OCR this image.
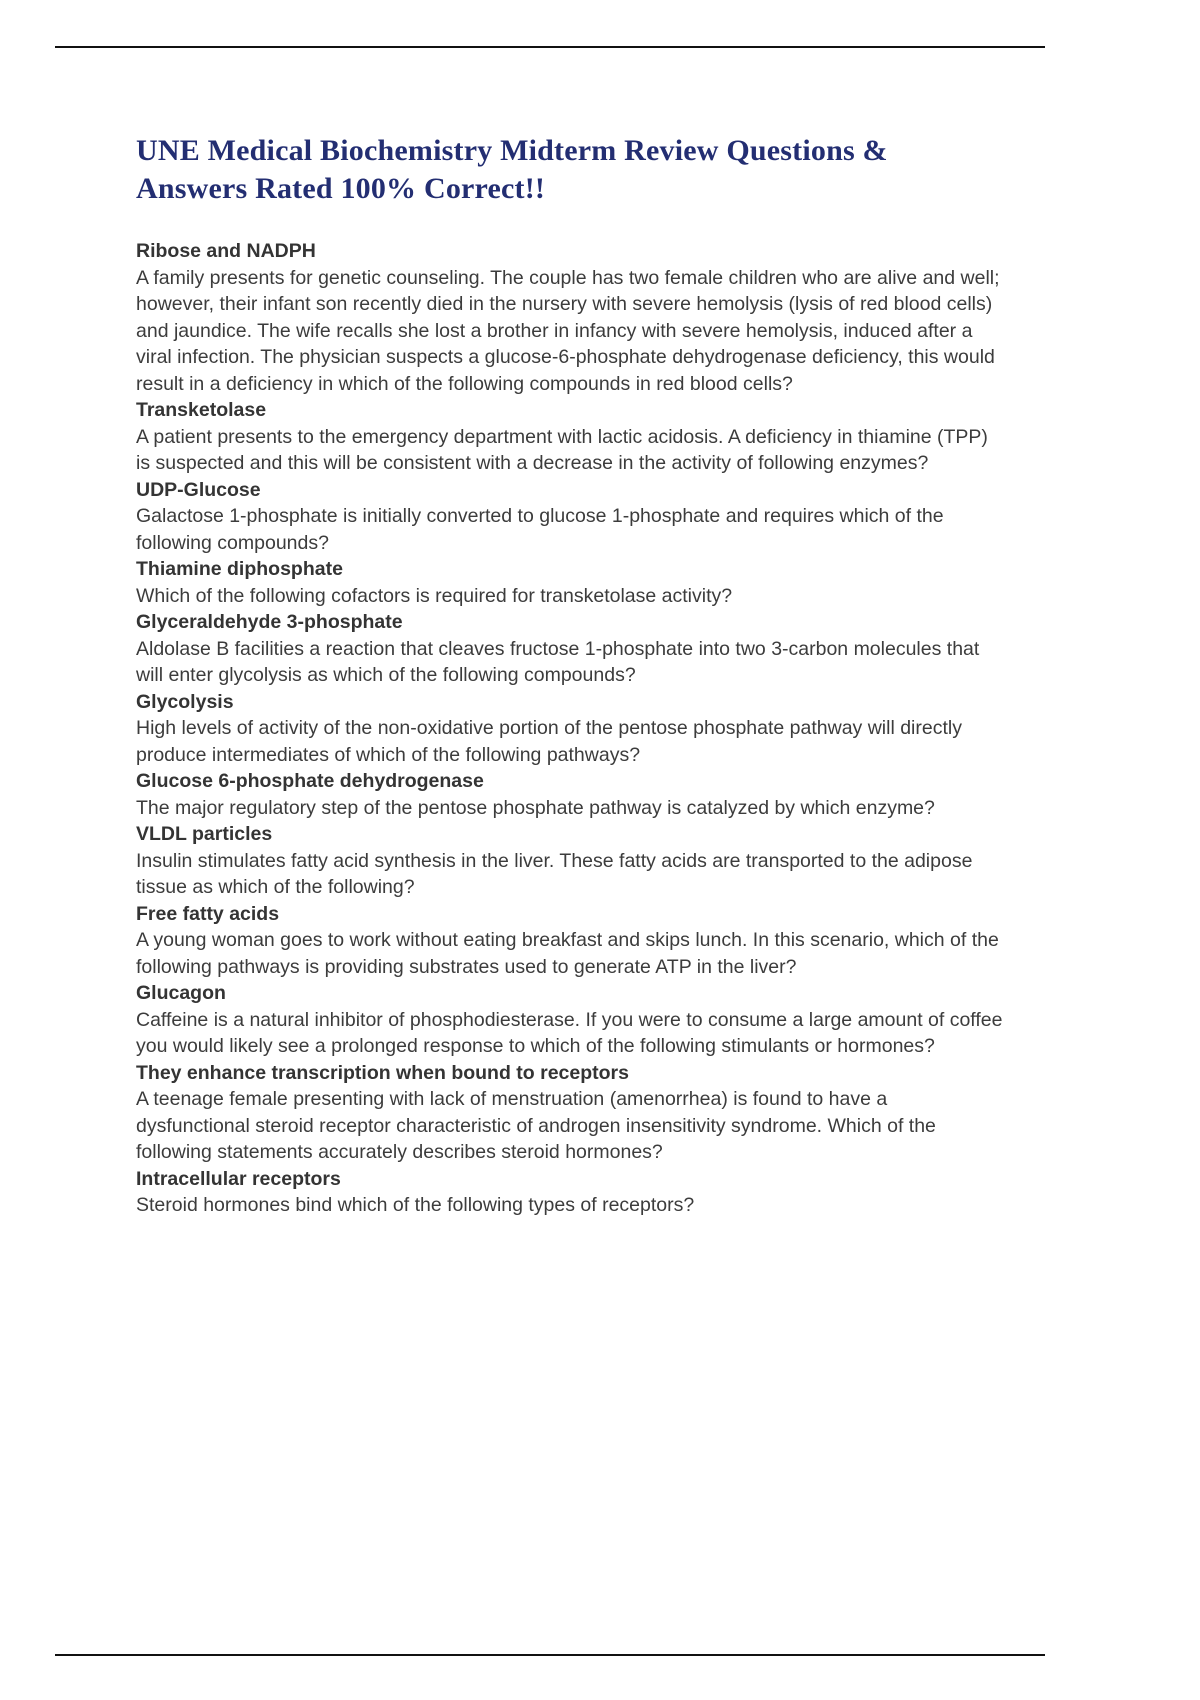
UNE Medical Biochemistry Midterm Review Questions & Answers Rated 100% Correct!!
Ribose and NADPH
A family presents for genetic counseling. The couple has two female children who are alive and well; however, their infant son recently died in the nursery with severe hemolysis (lysis of red blood cells) and jaundice. The wife recalls she lost a brother in infancy with severe hemolysis, induced after a viral infection. The physician suspects a glucose-6-phosphate dehydrogenase deficiency, this would result in a deficiency in which of the following compounds in red blood cells?
Transketolase
A patient presents to the emergency department with lactic acidosis. A deficiency in thiamine (TPP) is suspected and this will be consistent with a decrease in the activity of following enzymes?
UDP-Glucose
Galactose 1-phosphate is initially converted to glucose 1-phosphate and requires which of the following compounds?
Thiamine diphosphate
Which of the following cofactors is required for transketolase activity?
Glyceraldehyde 3-phosphate
Aldolase B facilities a reaction that cleaves fructose 1-phosphate into two 3-carbon molecules that will enter glycolysis as which of the following compounds?
Glycolysis
High levels of activity of the non-oxidative portion of the pentose phosphate pathway will directly produce intermediates of which of the following pathways?
Glucose 6-phosphate dehydrogenase
The major regulatory step of the pentose phosphate pathway is catalyzed by which enzyme?
VLDL particles
Insulin stimulates fatty acid synthesis in the liver. These fatty acids are transported to the adipose tissue as which of the following?
Free fatty acids
A young woman goes to work without eating breakfast and skips lunch. In this scenario, which of the following pathways is providing substrates used to generate ATP in the liver?
Glucagon
Caffeine is a natural inhibitor of phosphodiesterase. If you were to consume a large amount of coffee you would likely see a prolonged response to which of the following stimulants or hormones?
They enhance transcription when bound to receptors
A teenage female presenting with lack of menstruation (amenorrhea) is found to have a dysfunctional steroid receptor characteristic of androgen insensitivity syndrome. Which of the following statements accurately describes steroid hormones?
Intracellular receptors
Steroid hormones bind which of the following types of receptors?
